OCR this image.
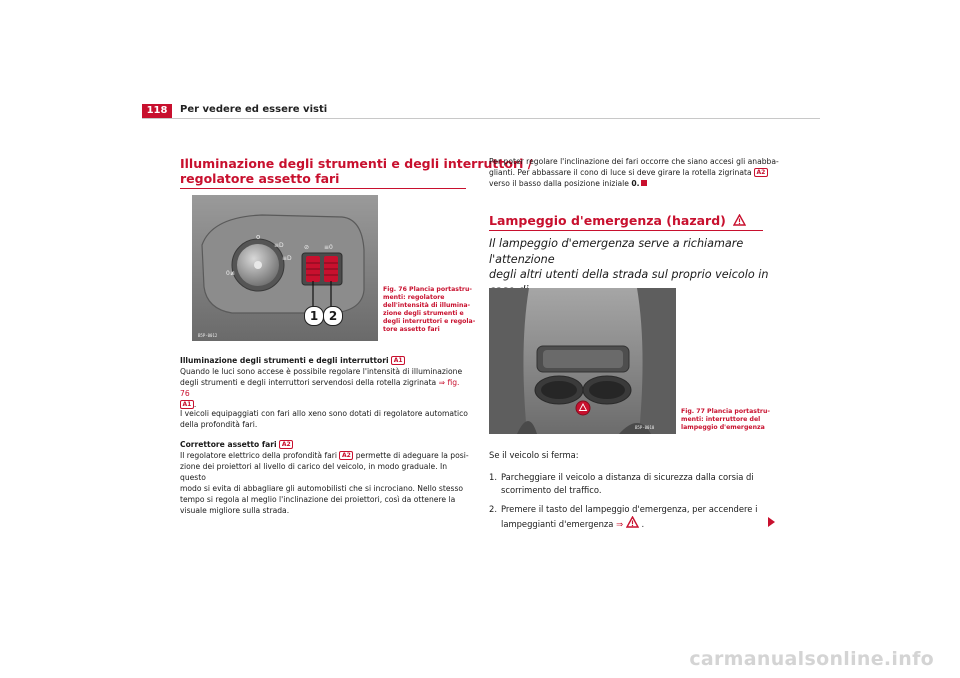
118	Per vedere ed essere visti
Illuminazione degli strumenti e degli interruttori /
regolatore assetto fari
o
≡D
≡D
0≢
⊘ ≡0
1 2
B5P-0012
Fig. 76 Plancia portastru-
menti: regolatore
dell'intensità di illumina-
zione degli strumenti e
degli interruttori e regola-
tore assetto fari
Illuminazione degli strumenti e degli interruttori A1
Quando le luci sono accese è possibile regolare l'intensità di illuminazione
degli strumenti e degli interruttori servendosi della rotella zigrinata ⇒ fig. 76
A1 .
I veicoli equipaggiati con fari allo xeno sono dotati di regolatore automatico
della profondità fari.
Correttore assetto fari A2
Il regolatore elettrico della profondità fari A2 permette di adeguare la posi-
zione dei proiettori al livello di carico del veicolo, in modo graduale. In questo
modo si evita di abbagliare gli automobilisti che si incrociano. Nello stesso
tempo si regola al meglio l'inclinazione dei proiettori, così da ottenere la
visuale migliore sulla strada.
Per poter regolare l'inclinazione dei fari occorre che siano accesi gli anabba-
glianti. Per abbassare il cono di luce si deve girare la rotella zigrinata A2
verso il basso dalla posizione iniziale 0.
Lampeggio d'emergenza (hazard)
Il lampeggio d'emergenza serve a richiamare l'attenzione
degli altri utenti della strada sul proprio veicolo in
B5P-0010
Fig. 77 Plancia portastru-
menti: interruttore del
lampeggio d'emergenza
Se il veicolo si ferma:
1. Parcheggiare il veicolo a distanza di sicurezza dalla corsia di
scorrimento del traffico.
2. Premere il tasto del lampeggio d'emergenza, per accendere i
lampeggianti d'emergenza ⇒ .
carmanualsonline.info
